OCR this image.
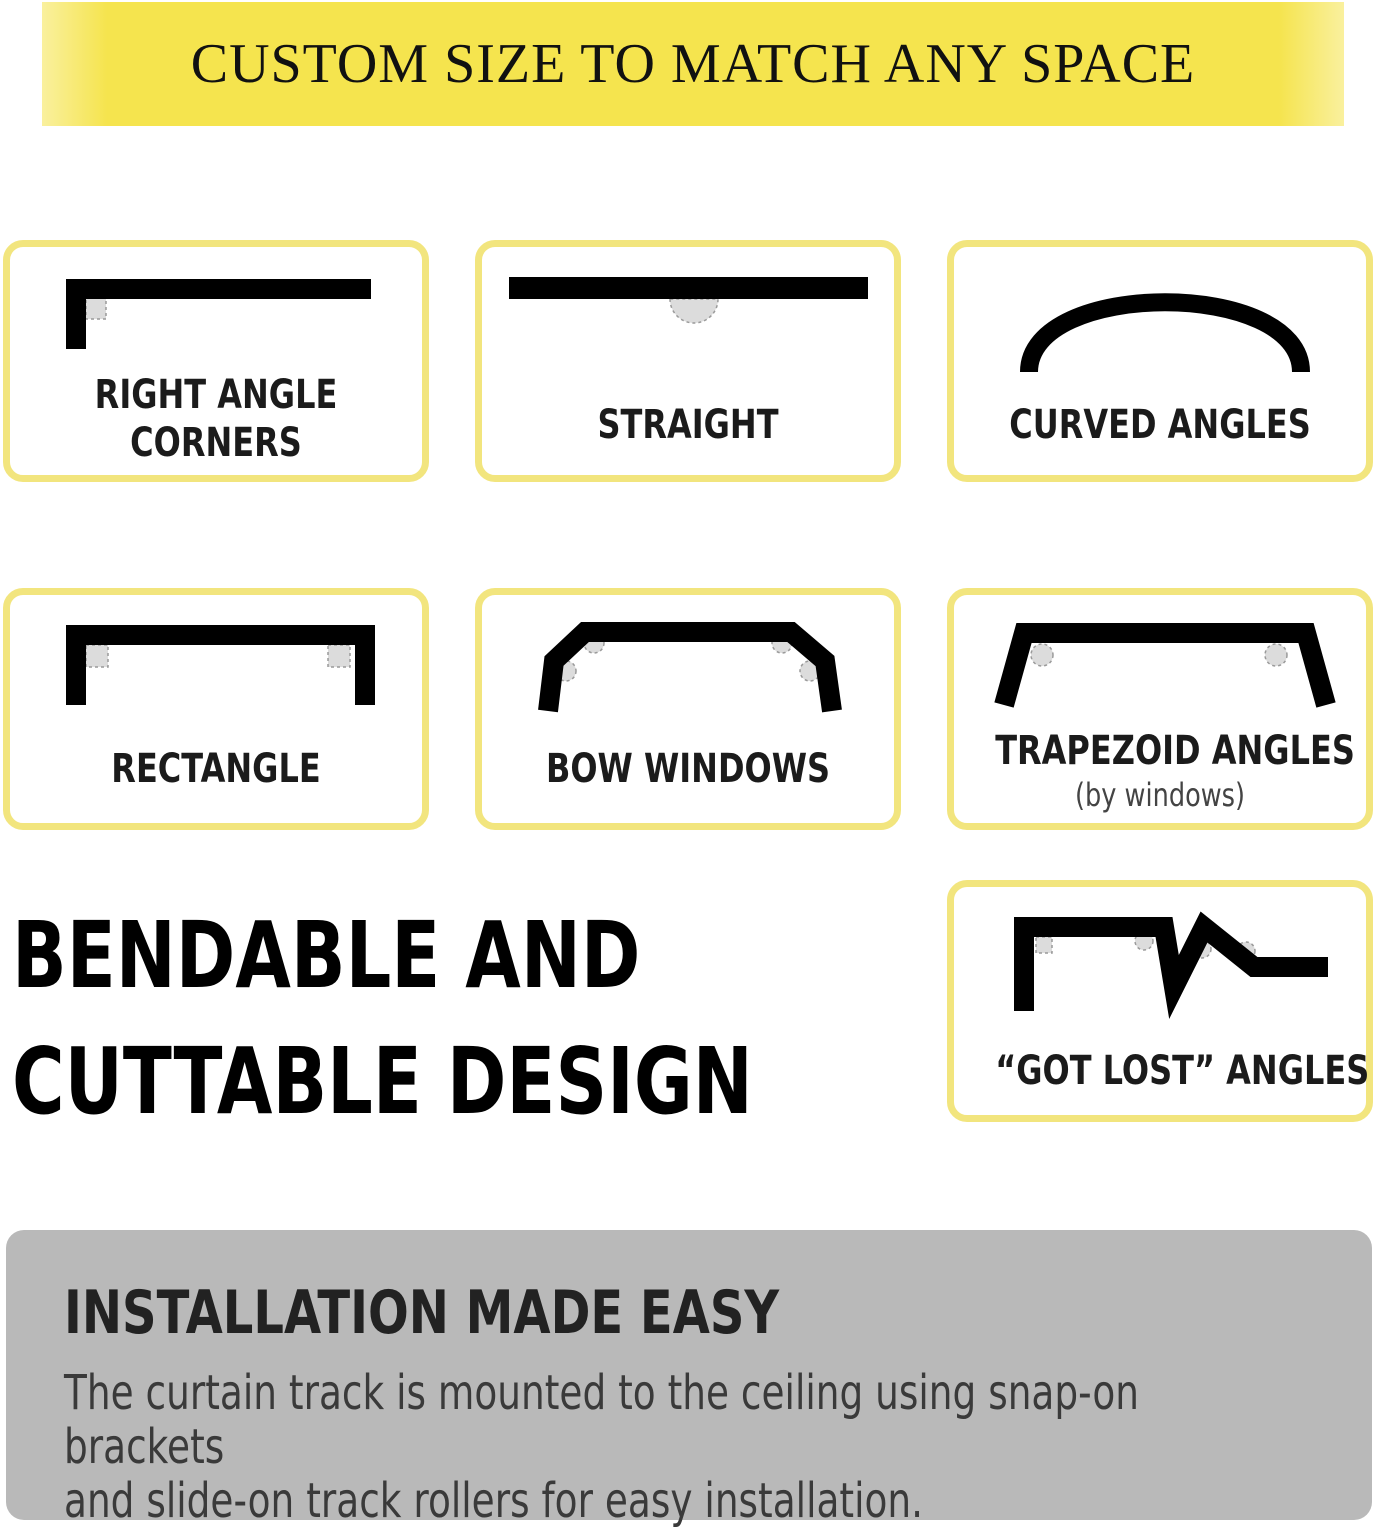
CUSTOM SIZE TO MATCH ANY SPACE
RIGHT ANGLE
CORNERS	STRAIGHT	CURVED ANGLES
RECTANGLE	BOW WINDOWS	TRAPEZOID ANGLES
(by windows)
BENDABLE AND
CUTTABLE DESIGN	“GOT LOST” ANGLES
INSTALLATION MADE EASY
The curtain track is mounted to the ceiling using snap-on brackets
and slide-on track rollers for easy installation.
